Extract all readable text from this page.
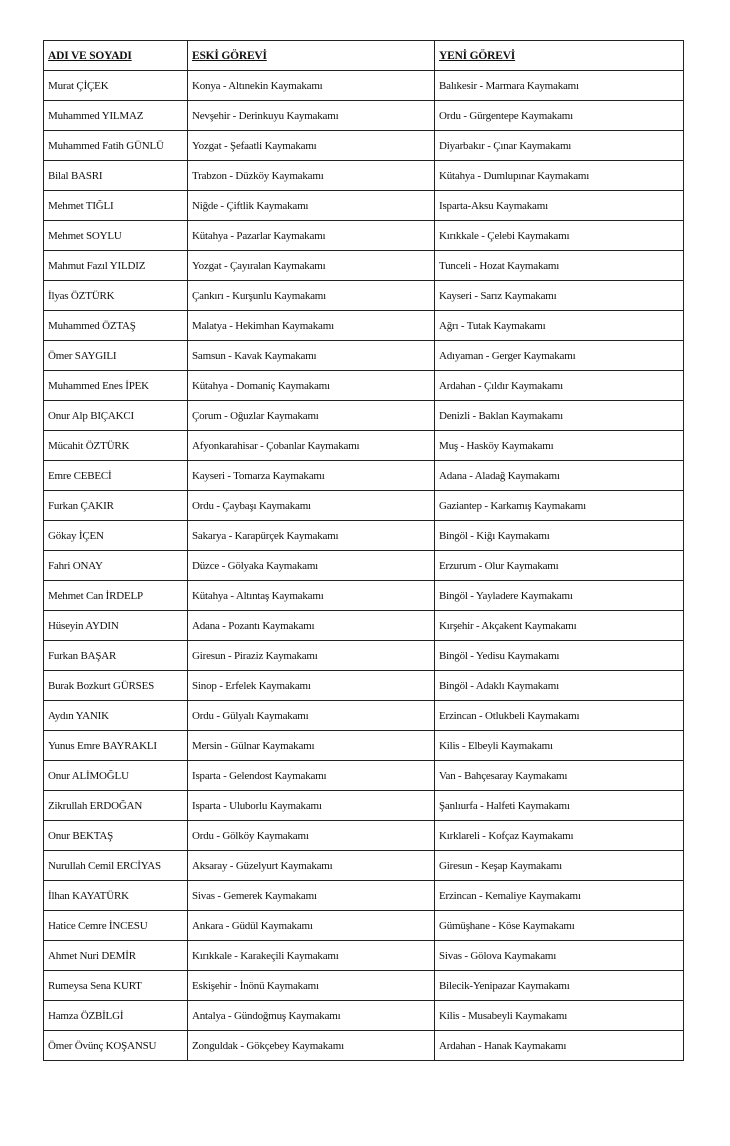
ADI VE SOYADI	ESKİ GÖREVİ	YENİ GÖREVİ
Murat ÇİÇEK	Konya - Altınekin Kaymakamı	Balıkesir - Marmara Kaymakamı
Muhammed YILMAZ	Nevşehir - Derinkuyu Kaymakamı	Ordu - Gürgentepe Kaymakamı
Muhammed Fatih GÜNLÜ	Yozgat - Şefaatli Kaymakamı	Diyarbakır - Çınar Kaymakamı
Bilal BASRI	Trabzon - Düzköy Kaymakamı	Kütahya - Dumlupınar Kaymakamı
Mehmet TIĞLI	Niğde - Çiftlik Kaymakamı	Isparta-Aksu Kaymakamı
Mehmet SOYLU	Kütahya - Pazarlar Kaymakamı	Kırıkkale - Çelebi Kaymakamı
Mahmut Fazıl YILDIZ	Yozgat - Çayıralan Kaymakamı	Tunceli - Hozat Kaymakamı
İlyas ÖZTÜRK	Çankırı - Kurşunlu Kaymakamı	Kayseri - Sarız Kaymakamı
Muhammed ÖZTAŞ	Malatya - Hekimhan Kaymakamı	Ağrı - Tutak Kaymakamı
Ömer SAYGILI	Samsun - Kavak Kaymakamı	Adıyaman - Gerger Kaymakamı
Muhammed Enes İPEK	Kütahya - Domaniç Kaymakamı	Ardahan - Çıldır Kaymakamı
Onur Alp BIÇAKCI	Çorum - Oğuzlar Kaymakamı	Denizli - Baklan Kaymakamı
Mücahit ÖZTÜRK	Afyonkarahisar - Çobanlar Kaymakamı	Muş - Hasköy Kaymakamı
Emre CEBECİ	Kayseri - Tomarza Kaymakamı	Adana - Aladağ Kaymakamı
Furkan ÇAKIR	Ordu - Çaybaşı Kaymakamı	Gaziantep - Karkamış Kaymakamı
Gökay İÇEN	Sakarya - Karapürçek Kaymakamı	Bingöl - Kiğı Kaymakamı
Fahri ONAY	Düzce - Gölyaka Kaymakamı	Erzurum - Olur Kaymakamı
Mehmet Can İRDELP	Kütahya - Altıntaş Kaymakamı	Bingöl - Yayladere Kaymakamı
Hüseyin AYDIN	Adana - Pozantı Kaymakamı	Kırşehir - Akçakent Kaymakamı
Furkan BAŞAR	Giresun - Piraziz Kaymakamı	Bingöl - Yedisu Kaymakamı
Burak Bozkurt GÜRSES	Sinop - Erfelek Kaymakamı	Bingöl - Adaklı Kaymakamı
Aydın YANIK	Ordu - Gülyalı Kaymakamı	Erzincan - Otlukbeli Kaymakamı
Yunus Emre BAYRAKLI	Mersin - Gülnar Kaymakamı	Kilis - Elbeyli Kaymakamı
Onur ALİMOĞLU	Isparta - Gelendost Kaymakamı	Van - Bahçesaray Kaymakamı
Zikrullah ERDOĞAN	Isparta - Uluborlu Kaymakamı	Şanlıurfa - Halfeti Kaymakamı
Onur BEKTAŞ	Ordu - Gölköy Kaymakamı	Kırklareli - Kofçaz Kaymakamı
Nurullah Cemil ERCİYAS	Aksaray - Güzelyurt Kaymakamı	Giresun - Keşap Kaymakamı
İlhan KAYATÜRK	Sivas - Gemerek Kaymakamı	Erzincan - Kemaliye Kaymakamı
Hatice Cemre İNCESU	Ankara - Güdül Kaymakamı	Gümüşhane - Köse Kaymakamı
Ahmet Nuri DEMİR	Kırıkkale - Karakeçili Kaymakamı	Sivas - Gölova Kaymakamı
Rumeysa Sena KURT	Eskişehir - İnönü Kaymakamı	Bilecik-Yenipazar Kaymakamı
Hamza ÖZBİLGİ	Antalya - Gündoğmuş Kaymakamı	Kilis - Musabeyli Kaymakamı
Ömer Övünç KOŞANSU	Zonguldak - Gökçebey Kaymakamı	Ardahan - Hanak Kaymakamı
